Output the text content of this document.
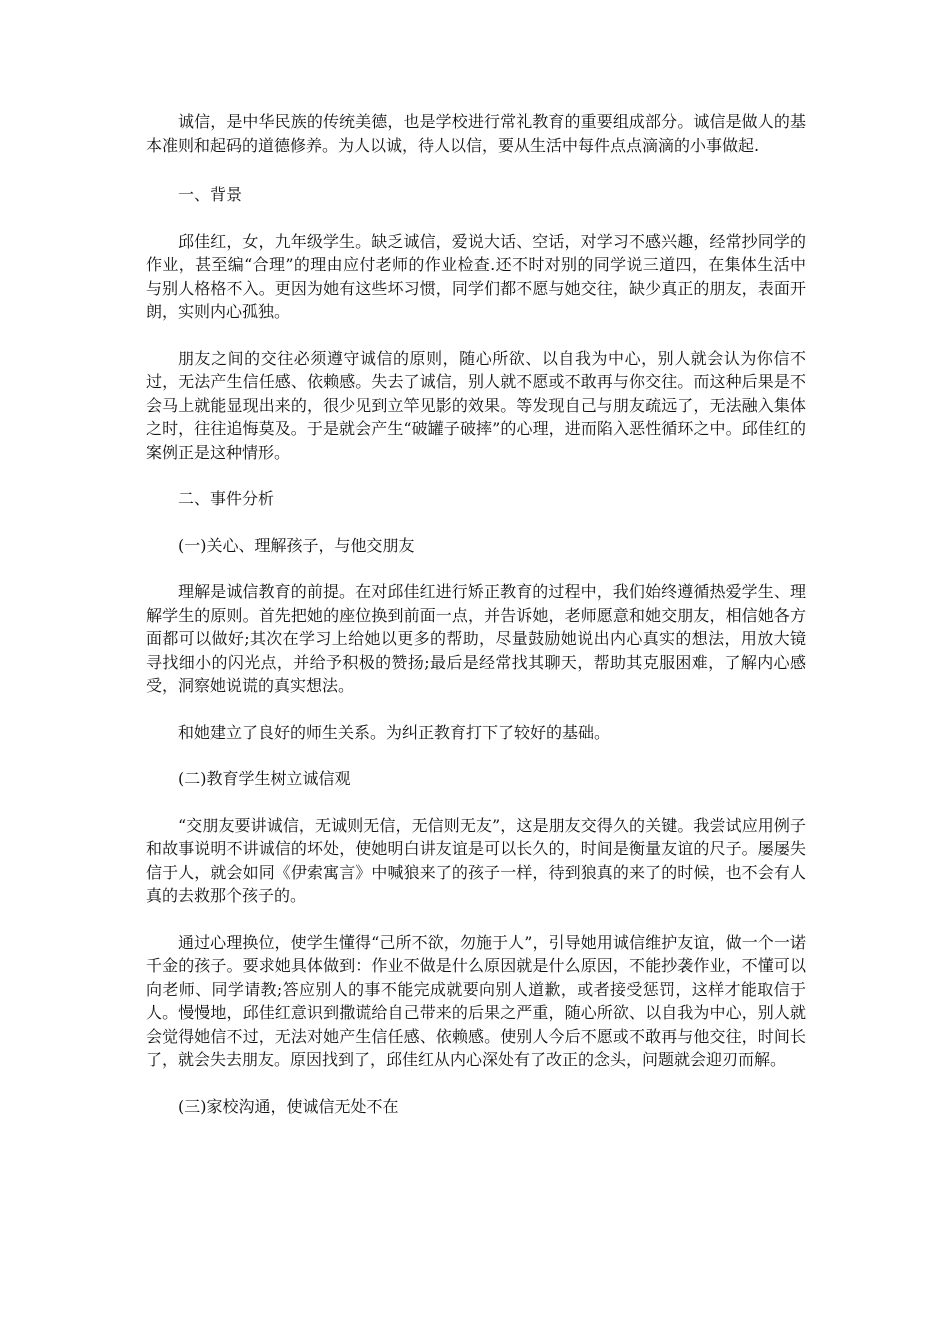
诚信，是中华民族的传统美德，也是学校进行常礼教育的重要组成部分。诚信是做人的基本准则和起码的道德修养。为人以诚，待人以信，要从生活中每件点点滴滴的小事做起.

一、背景

邱佳红，女，九年级学生。缺乏诚信，爱说大话、空话，对学习不感兴趣，经常抄同学的作业，甚至编“合理”的理由应付老师的作业检查.还不时对别的同学说三道四，在集体生活中与别人格格不入。更因为她有这些坏习惯，同学们都不愿与她交往，缺少真正的朋友，表面开朗，实则内心孤独。

朋友之间的交往必须遵守诚信的原则，随心所欲、以自我为中心，别人就会认为你信不过，无法产生信任感、依赖感。失去了诚信，别人就不愿或不敢再与你交往。而这种后果是不会马上就能显现出来的，很少见到立竿见影的效果。等发现自己与朋友疏远了，无法融入集体之时，往往追悔莫及。于是就会产生“破罐子破摔”的心理，进而陷入恶性循环之中。邱佳红的案例正是这种情形。

二、事件分析

(一)关心、理解孩子，与他交朋友

理解是诚信教育的前提。在对邱佳红进行矫正教育的过程中，我们始终遵循热爱学生、理解学生的原则。首先把她的座位换到前面一点，并告诉她，老师愿意和她交朋友，相信她各方面都可以做好;其次在学习上给她以更多的帮助，尽量鼓励她说出内心真实的想法，用放大镜寻找细小的闪光点，并给予积极的赞扬;最后是经常找其聊天，帮助其克服困难，了解内心感受，洞察她说谎的真实想法。

和她建立了良好的师生关系。为纠正教育打下了较好的基础。

(二)教育学生树立诚信观

“交朋友要讲诚信，无诚则无信，无信则无友”，这是朋友交得久的关键。我尝试应用例子和故事说明不讲诚信的坏处，使她明白讲友谊是可以长久的，时间是衡量友谊的尺子。屡屡失信于人，就会如同《伊索寓言》中喊狼来了的孩子一样，待到狼真的来了的时候，也不会有人真的去救那个孩子的。

通过心理换位，使学生懂得“己所不欲，勿施于人”，引导她用诚信维护友谊，做一个一诺千金的孩子。要求她具体做到：作业不做是什么原因就是什么原因，不能抄袭作业，不懂可以向老师、同学请教;答应别人的事不能完成就要向别人道歉，或者接受惩罚，这样才能取信于人。慢慢地，邱佳红意识到撒谎给自己带来的后果之严重，随心所欲、以自我为中心，别人就会觉得她信不过，无法对她产生信任感、依赖感。使别人今后不愿或不敢再与他交往，时间长了，就会失去朋友。原因找到了，邱佳红从内心深处有了改正的念头，问题就会迎刃而解。

(三)家校沟通，使诚信无处不在
